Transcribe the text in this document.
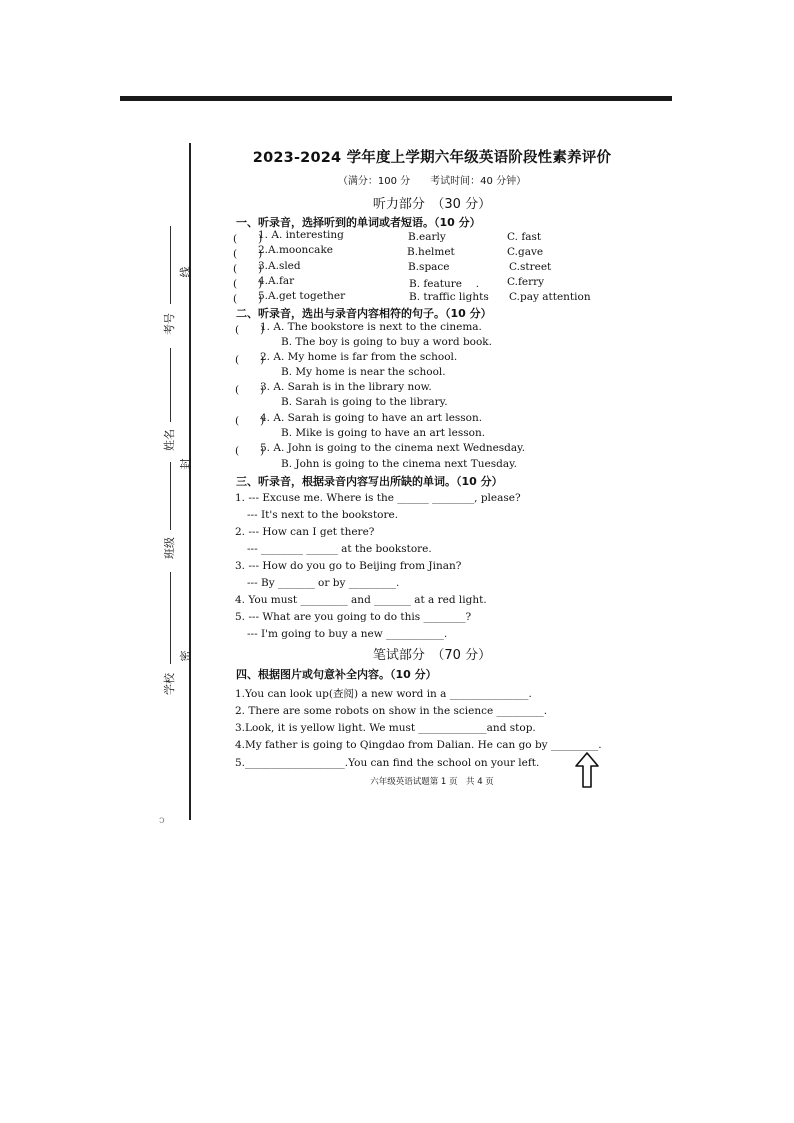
线
封
密
考号
姓名
班级
学校
ↄ
2023-2024 学年度上学期六年级英语阶段性素养评价
（满分：100 分　　考试时间：40 分钟）
听力部分　（30 分）
一、听录音，选择听到的单词或者短语。（10 分）
(　　)
1. A. interesting	B.early	C. fast
(　　)
2.A.mooncake	B.helmet	C.gave
(　　)
3.A.sled	B.space	C.street
(　　)
4.A.far	B. feature　 .	C.ferry
(　　)
5.A.get together	B. traffic lights C.pay attention
二、听录音，选出与录音内容相符的句子。（10 分）
(　　)
1. A. The bookstore is next to the cinema.
B. The boy is going to buy a word book.
(　　)
2. A. My home is far from the school.
B. My home is near the school.
(　　)
3. A. Sarah is in the library now.
B. Sarah is going to the library.
(　　)
4. A. Sarah is going to have an art lesson.
B. Mike is going to have an art lesson.
(　　)
5. A. John is going to the cinema next Wednesday.
B. John is going to the cinema next Tuesday.
三、听录音，根据录音内容写出所缺的单词。（10 分）
1. --- Excuse me. Where is the ______ ________, please?
--- It's next to the bookstore.
2. --- How can I get there?
--- ________ ______ at the bookstore.
3. --- How do you go to Beijing from Jinan?
--- By _______ or by _________.
4. You must _________ and _______ at a red light.
5. --- What are you going to do this ________?
--- I'm going to buy a new ___________.
笔试部分　（70 分）
四、根据图片或句意补全内容。（10 分）
1.You can look up(查阅) a new word in a _______________.
2. There are some robots on show in the science _________.
3.Look, it is yellow light. We must _____________and stop.
4.My father is going to Qingdao from Dalian. He can go by _________.
5.___________________.You can find the school on your left.
六年级英语试题第 1 页　共 4 页
